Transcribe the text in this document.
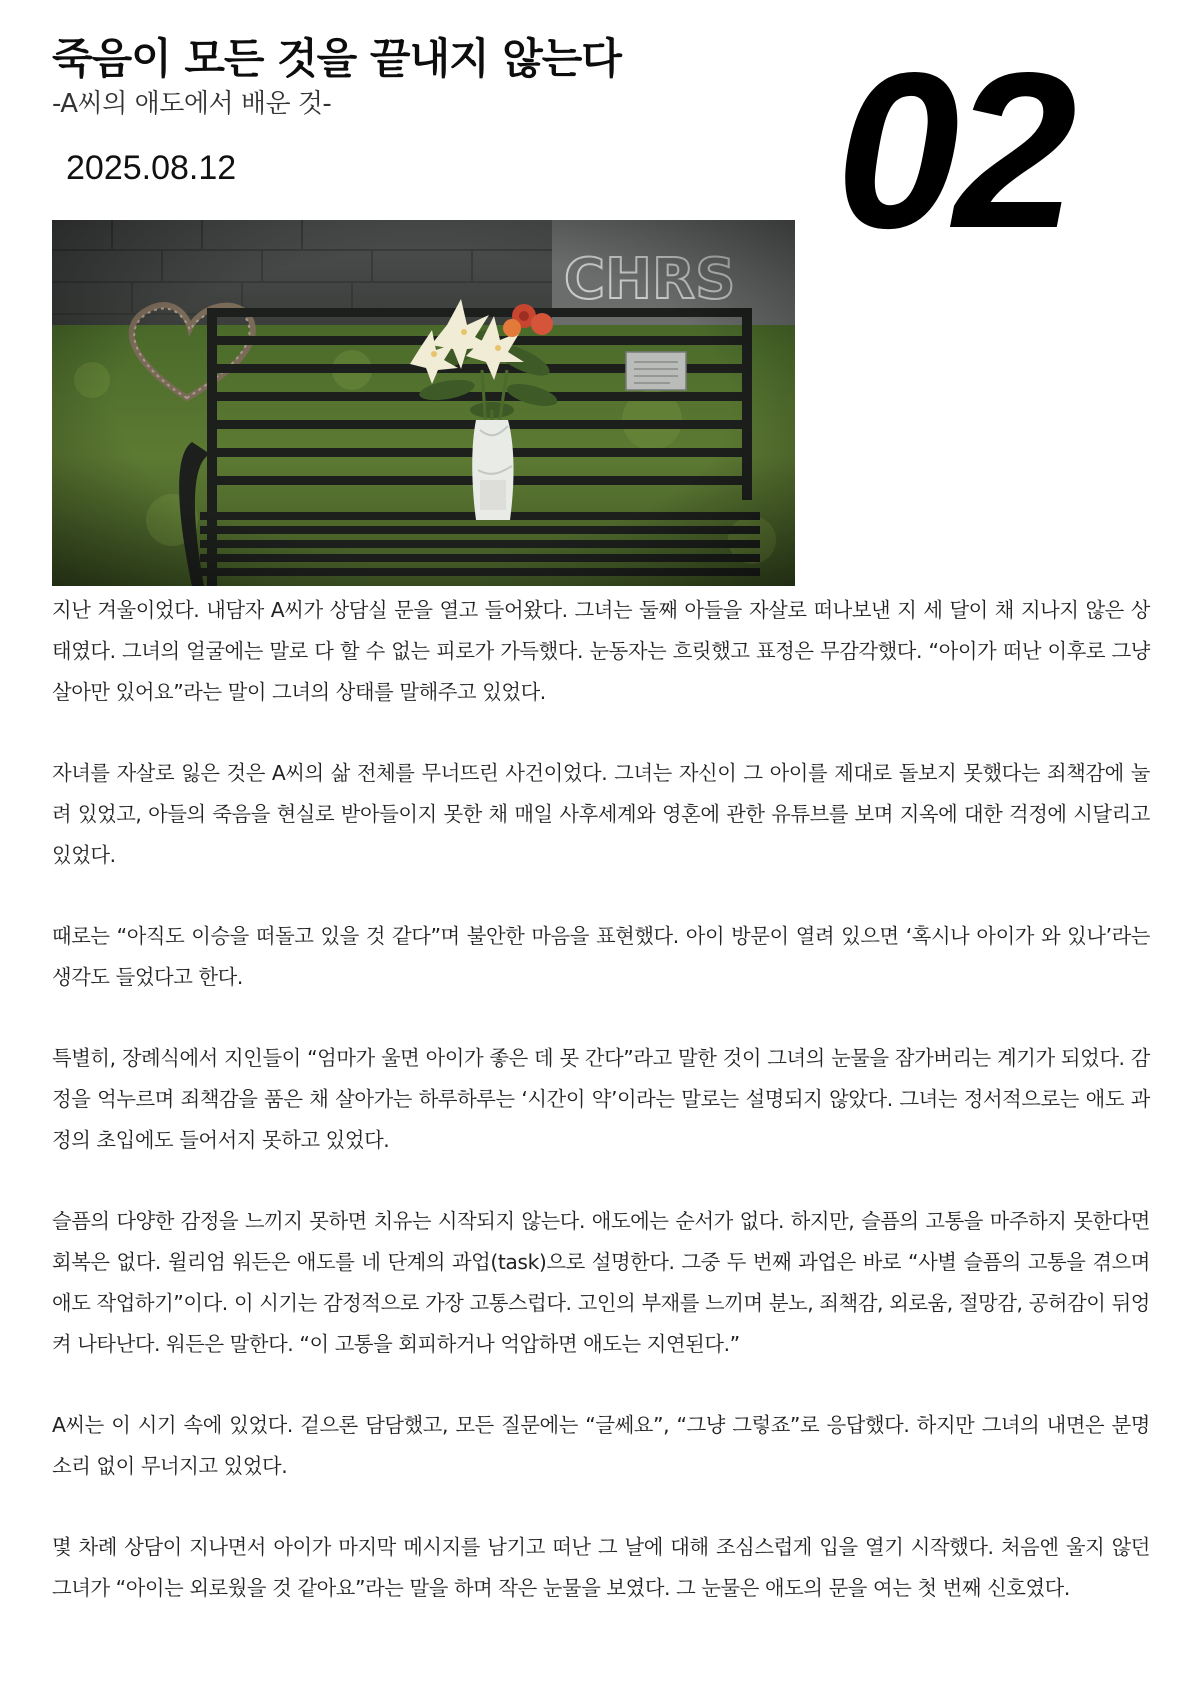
죽음이 모든 것을 끝내지 않는다
-A씨의 애도에서 배운 것-
2025.08.12	02

지난 겨울이었다. 내담자 A씨가 상담실 문을 열고 들어왔다. 그녀는 둘째 아들을 자살로 떠나보낸 지 세 달이 채 지나지 않은 상태였다. 그녀의 얼굴에는 말로 다 할 수 없는 피로가 가득했다. 눈동자는 흐릿했고 표정은 무감각했다. “아이가 떠난 이후로 그냥 살아만 있어요”라는 말이 그녀의 상태를 말해주고 있었다.

자녀를 자살로 잃은 것은 A씨의 삶 전체를 무너뜨린 사건이었다. 그녀는 자신이 그 아이를 제대로 돌보지 못했다는 죄책감에 눌려 있었고, 아들의 죽음을 현실로 받아들이지 못한 채 매일 사후세계와 영혼에 관한 유튜브를 보며 지옥에 대한 걱정에 시달리고 있었다.

때로는 “아직도 이승을 떠돌고 있을 것 같다”며 불안한 마음을 표현했다. 아이 방문이 열려 있으면 ‘혹시나 아이가 와 있나’라는 생각도 들었다고 한다.

특별히, 장례식에서 지인들이 “엄마가 울면 아이가 좋은 데 못 간다”라고 말한 것이 그녀의 눈물을 잠가버리는 계기가 되었다. 감정을 억누르며 죄책감을 품은 채 살아가는 하루하루는 ‘시간이 약’이라는 말로는 설명되지 않았다. 그녀는 정서적으로는 애도 과정의 초입에도 들어서지 못하고 있었다.

슬픔의 다양한 감정을 느끼지 못하면 치유는 시작되지 않는다. 애도에는 순서가 없다. 하지만, 슬픔의 고통을 마주하지 못한다면 회복은 없다. 윌리엄 워든은 애도를 네 단계의 과업(task)으로 설명한다. 그중 두 번째 과업은 바로 “사별 슬픔의 고통을 겪으며 애도 작업하기”이다. 이 시기는 감정적으로 가장 고통스럽다. 고인의 부재를 느끼며 분노, 죄책감, 외로움, 절망감, 공허감이 뒤엉켜 나타난다. 워든은 말한다. “이 고통을 회피하거나 억압하면 애도는 지연된다.”

A씨는 이 시기 속에 있었다. 겉으론 담담했고, 모든 질문에는 “글쎄요”, “그냥 그렇죠”로 응답했다. 하지만 그녀의 내면은 분명 소리 없이 무너지고 있었다.

몇 차례 상담이 지나면서 아이가 마지막 메시지를 남기고 떠난 그 날에 대해 조심스럽게 입을 열기 시작했다. 처음엔 울지 않던 그녀가 “아이는 외로웠을 것 같아요”라는 말을 하며 작은 눈물을 보였다. 그 눈물은 애도의 문을 여는 첫 번째 신호였다.
